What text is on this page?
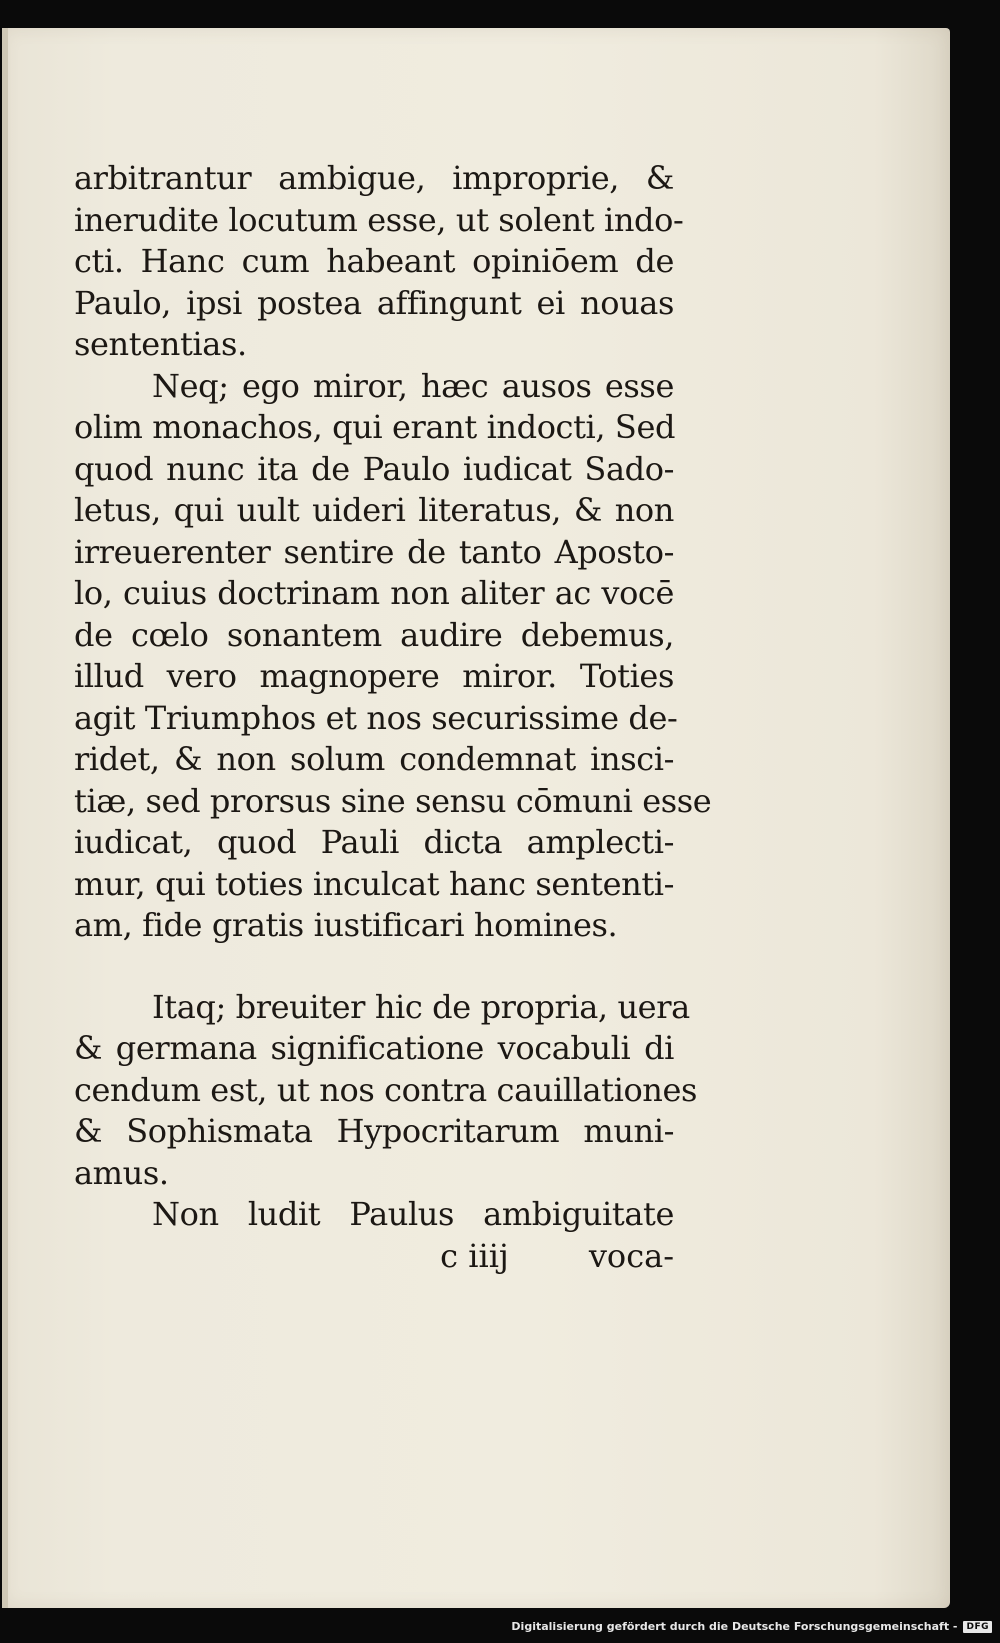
arbitrantur ambigue, improprie, &
inerudite locutum esse, ut solent indo-
cti. Hanc cum habeant opiniōem de
Paulo, ipsi postea affingunt ei nouas
sententias.
Neq; ego miror, hæc ausos esse
olim monachos, qui erant indocti, Sed
quod nunc ita de Paulo iudicat Sado-
letus, qui uult uideri literatus, & non
irreuerenter sentire de tanto Aposto-
lo, cuius doctrinam non aliter ac vocē
de cœlo sonantem audire debemus,
illud vero magnopere miror. Toties
agit Triumphos et nos securissime de-
ridet, & non solum condemnat insci-
tiæ, sed prorsus sine sensu cōmuni esse
iudicat, quod Pauli dicta amplecti-
mur, qui toties inculcat hanc sententi-
am, fide gratis iustificari homines.
Itaq; breuiter hic de propria, uera
& germana significatione vocabuli di
cendum est, ut nos contra cauillationes
& Sophismata Hypocritarum muni-
amus.
Non ludit Paulus ambiguitate
c iiij	voca-
Digitalisierung gefördert durch die Deutsche Forschungsgemeinschaft -	DFG
